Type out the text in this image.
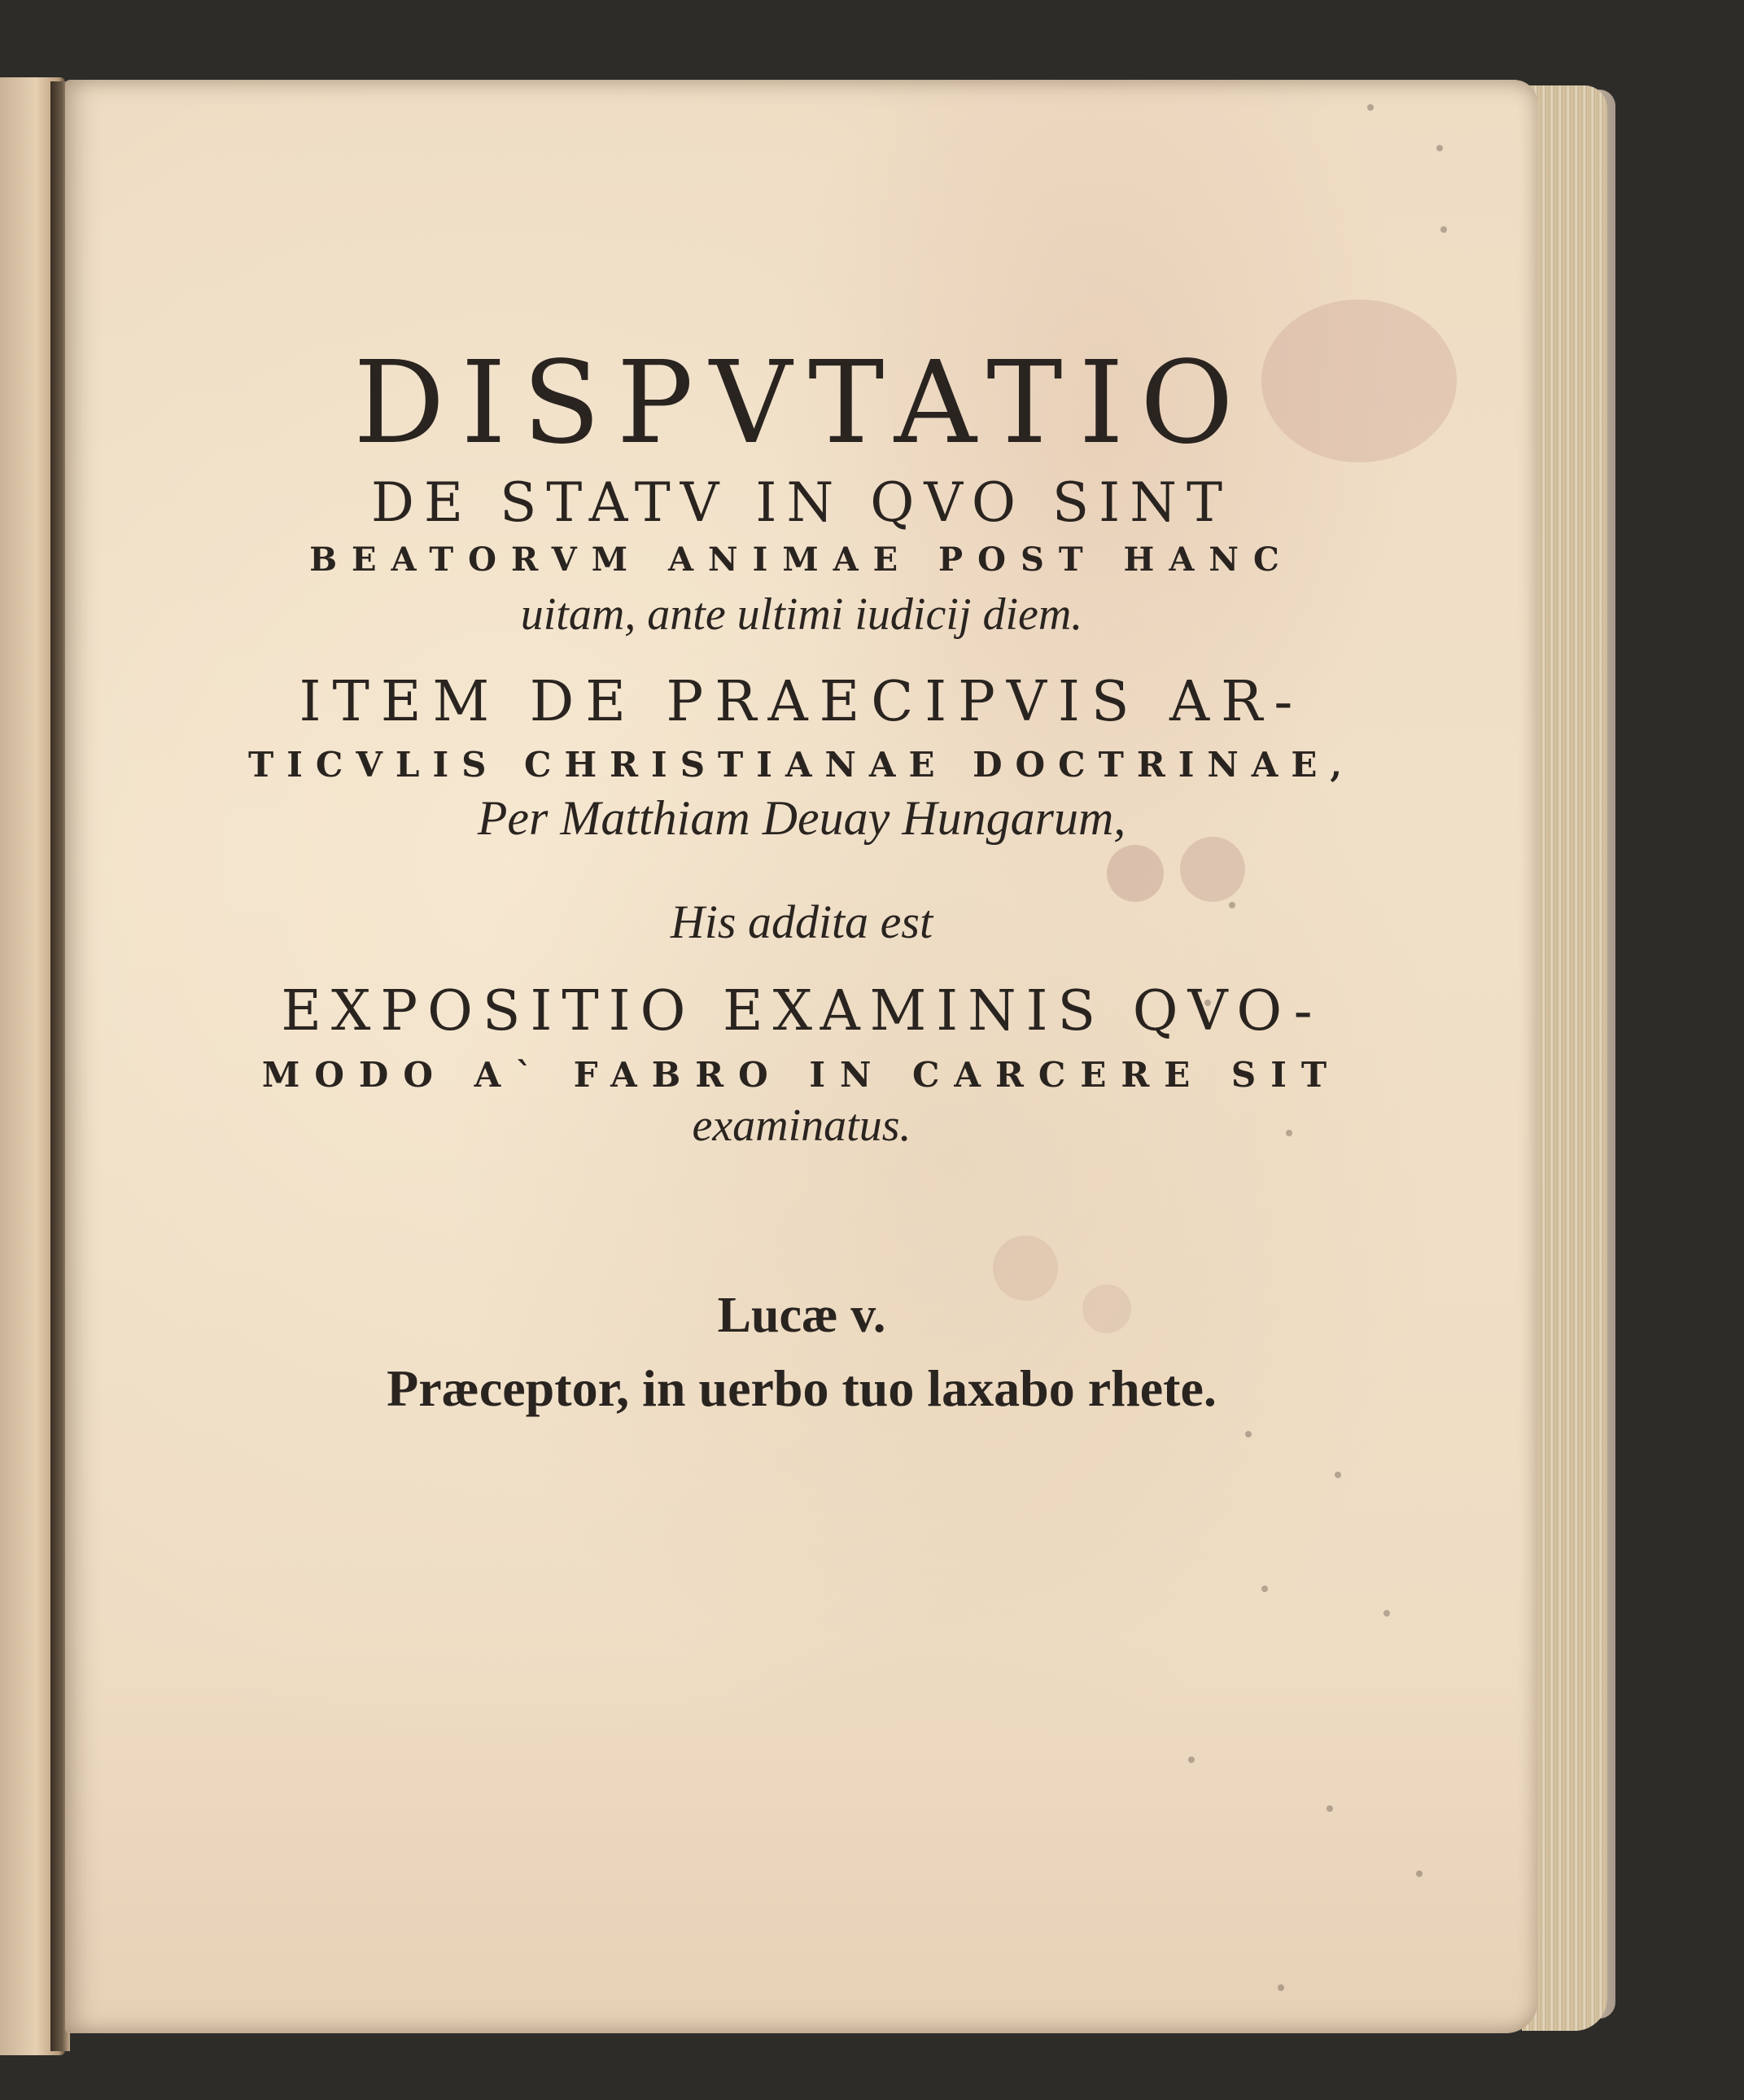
DISPVTATIO
DE STATV IN QVO SINT
BEATORVM ANIMAE POST HANC
uitam, ante ultimi iudicij diem.
ITEM DE PRAECIPVIS AR-
TICVLIS CHRISTIANAE DOCTRINAE,
Per Matthiam Deuay Hungarum,
His addita est
EXPOSITIO EXAMINIS QVO-
MODO A` FABRO IN CARCERE SIT
examinatus.
Lucæ v.
Præceptor, in uerbo tuo laxabo rhete.
